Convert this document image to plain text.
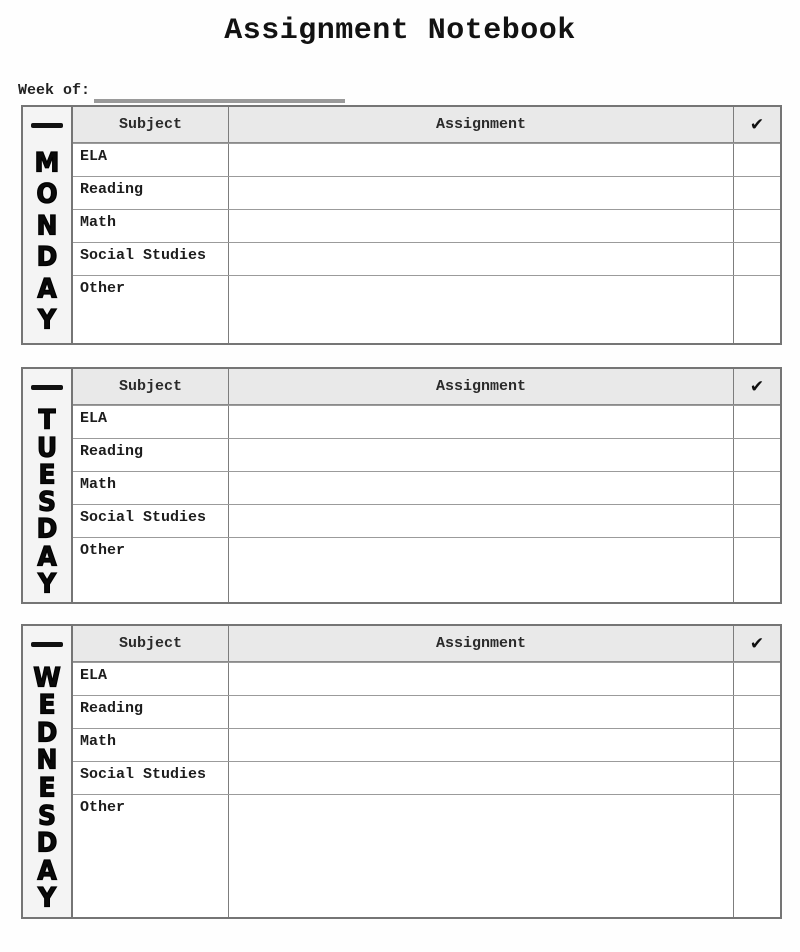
Assignment Notebook
Week of:
M
O
N
D
A
Y
Subject	Assignment	✔
ELA
Reading
Math
Social Studies
Other
T
U
E
S
D
A
Y
Subject	Assignment	✔
ELA
Reading
Math
Social Studies
Other
W
E
D
N
E
S
D
A
Y
Subject	Assignment	✔
ELA
Reading
Math
Social Studies
Other
